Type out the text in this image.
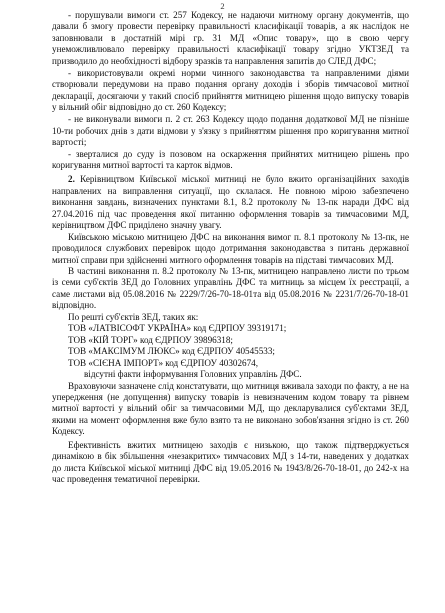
2

- порушували вимоги ст. 257 Кодексу, не надаючи митному органу документів, що давали б змогу провести перевірку правильності класифікації товарів, а як наслідок не заповнювали в достатній мірі гр. 31 МД «Опис товару», що в свою чергу унеможливлювало перевірку правильності класифікації товару згідно УКТЗЕД та призводило до необхідності відбору зразків та направлення запитів до СЛЕД ДФС;

- використовували окремі норми чинного законодавства та направленими діями створювали передумови на право подання органу доходів і зборів тимчасової митної декларації, досягаючи у такий спосіб прийняття митницею рішення щодо випуску товарів у вільний обіг відповідно до ст. 260 Кодексу;

- не виконували вимоги п. 2 ст. 263 Кодексу щодо подання додаткової МД не пізніше 10-ти робочих днів з дати відмови у з'язку з прийняттям рішення про коригування митної вартості;

- зверталися до суду із позовом на оскарження прийнятих митницею рішень про коригування митної вартості та карток відмов.

2. Керівництвом Київської міської митниці не було вжито організаційних заходів направлених на виправлення ситуації, що склалася. Не повною мірою забезпечено виконання завдань, визначених пунктами 8.1, 8.2 протоколу № 13-пк наради ДФС від 27.04.2016 під час проведення якої питанню оформлення товарів за тимчасовими МД, керівництвом ДФС приділено значну увагу.

Київською міською митницею ДФС на виконання вимог п. 8.1 протоколу № 13-пк, не проводилося службових перевірок щодо дотримання законодавства з питань державної митної справи при здійсненні митного оформлення товарів на підставі тимчасових МД.

В частині виконання п. 8.2 протоколу № 13-пк, митницею направлено листи по трьом із семи суб'єктів ЗЕД до Головних управлінь ДФС та митниць за місцем їх реєстрації, а саме листами від 05.08.2016 № 2229/7/26-70-18-01та від 05.08.2016 № 2231/7/26-70-18-01 відповідно.

По решті суб'єктів ЗЕД, таких як:

ТОВ «ЛАТВІСОФТ УКРАЇНА» код ЄДРПОУ 39319171;

ТОВ «КІЙ ТОРГ» код ЄДРПОУ 39896318;

ТОВ «МАКСІМУМ ЛЮКС» код ЄДРПОУ 40545533;

ТОВ «СІЄНА ІМПОРТ» код ЄДРПОУ 40302674,

відсутні факти інформування Головних управлінь ДФС.

Враховуючи зазначене слід констатувати, що митниця вживала заходи по факту, а не на упередження (не допущення) випуску товарів із невизначеним кодом товару та рівнем митної вартості у вільний обіг за тимчасовими МД, що декларувалися суб'єктами ЗЕД, якими на момент оформлення вже було взято та не виконано зобов'язання згідно із ст. 260 Кодексу.

Ефективність вжитих митницею заходів є низькою, що також підтверджується динамікою в бік збільшення «незакритих» тимчасових МД з 14-ти, наведених у додатках до листа Київської міської митниці ДФС від 19.05.2016 № 1943/8/26-70-18-01, до 242-х на час проведення тематичної перевірки.
